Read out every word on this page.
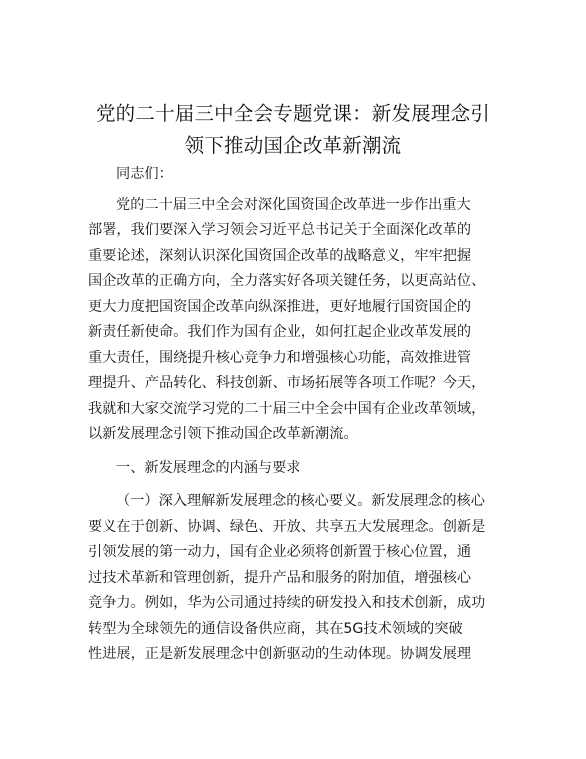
党的二十届三中全会专题党课：新发展理念引
领下推动国企改革新潮流
同志们：
党的二十届三中全会对深化国资国企改革进一步作出重大
部署，我们要深入学习领会习近平总书记关于全面深化改革的
重要论述，深刻认识深化国资国企改革的战略意义，牢牢把握
国企改革的正确方向，全力落实好各项关键任务，以更高站位、
更大力度把国资国企改革向纵深推进，更好地履行国资国企的
新责任新使命。我们作为国有企业，如何扛起企业改革发展的
重大责任，围绕提升核心竞争力和增强核心功能，高效推进管
理提升、产品转化、科技创新、市场拓展等各项工作呢？今天，
我就和大家交流学习党的二十届三中全会中国有企业改革领域，
以新发展理念引领下推动国企改革新潮流。
一、新发展理念的内涵与要求
（一）深入理解新发展理念的核心要义。新发展理念的核心
要义在于创新、协调、绿色、开放、共享五大发展理念。创新是
引领发展的第一动力，国有企业必须将创新置于核心位置，通
过技术革新和管理创新，提升产品和服务的附加值，增强核心
竞争力。例如，华为公司通过持续的研发投入和技术创新，成功
转型为全球领先的通信设备供应商，其在5G技术领域的突破
性进展，正是新发展理念中创新驱动的生动体现。协调发展理
